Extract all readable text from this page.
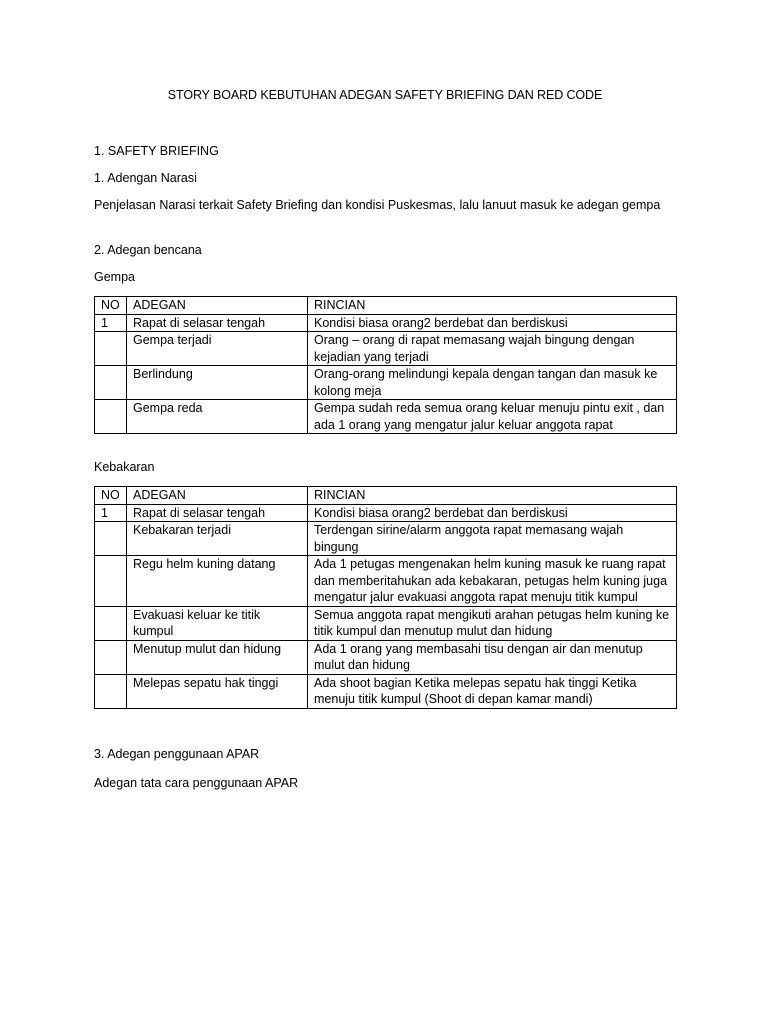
STORY BOARD KEBUTUHAN ADEGAN SAFETY BRIEFING DAN RED CODE
1. SAFETY BRIEFING
1. Adengan Narasi
Penjelasan Narasi terkait Safety Briefing dan kondisi Puskesmas, lalu lanuut masuk ke adegan gempa
2. Adegan bencana
Gempa
NO	ADEGAN	RINCIAN
1	Rapat di selasar tengah	Kondisi biasa orang2 berdebat dan berdiskusi
	Gempa terjadi	Orang – orang di rapat memasang wajah bingung dengan kejadian yang terjadi
	Berlindung	Orang-orang melindungi kepala dengan tangan dan masuk ke kolong meja
	Gempa reda	Gempa sudah reda semua orang keluar menuju pintu exit , dan ada 1 orang yang mengatur jalur keluar anggota rapat
Kebakaran
NO	ADEGAN	RINCIAN
1	Rapat di selasar tengah	Kondisi biasa orang2 berdebat dan berdiskusi
	Kebakaran terjadi	Terdengan sirine/alarm anggota rapat memasang wajah bingung
	Regu helm kuning datang	Ada 1 petugas mengenakan helm kuning masuk ke ruang rapat dan memberitahukan ada kebakaran, petugas helm kuning juga mengatur jalur evakuasi anggota rapat menuju titik kumpul
	Evakuasi keluar ke titik kumpul	Semua anggota rapat mengikuti arahan petugas helm kuning ke titik kumpul dan menutup mulut dan hidung
	Menutup mulut dan hidung	Ada 1 orang yang membasahi tisu dengan air dan menutup mulut dan hidung
	Melepas sepatu hak tinggi	Ada shoot bagian Ketika melepas sepatu hak tinggi Ketika menuju titik kumpul (Shoot di depan kamar mandi)
3. Adegan penggunaan APAR
Adegan tata cara penggunaan APAR
